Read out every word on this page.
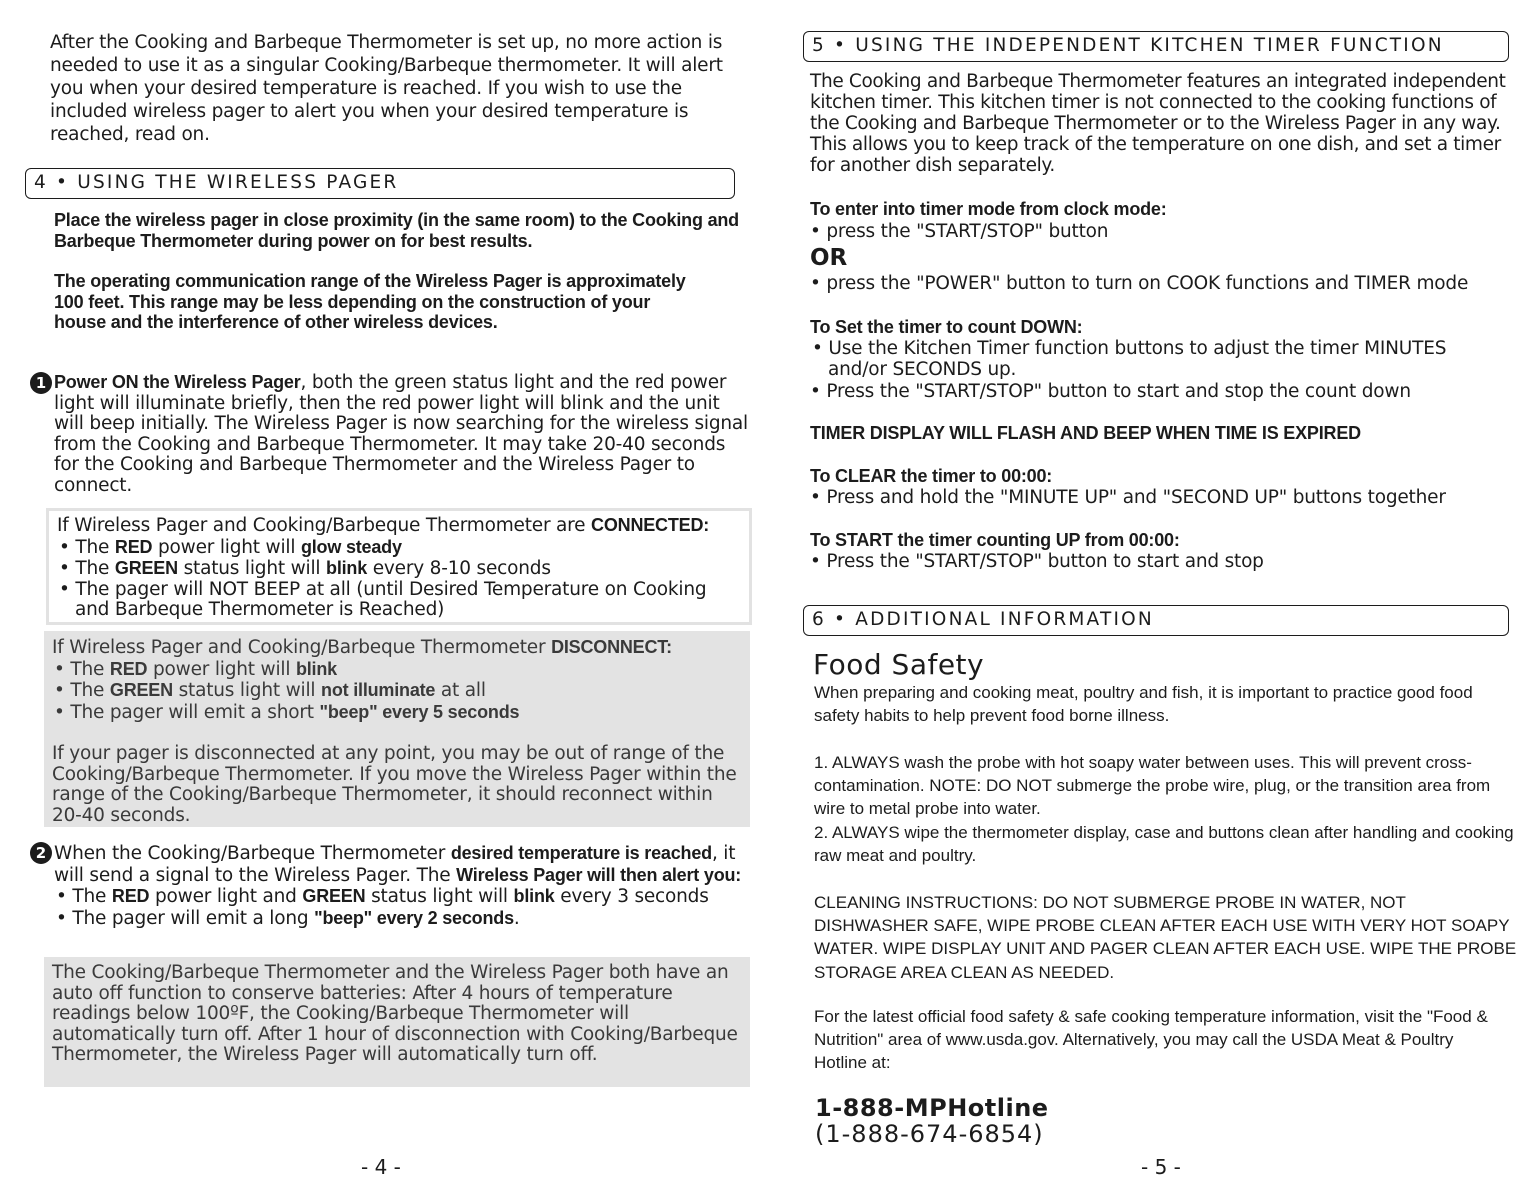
After the Cooking and Barbeque Thermometer is set up, no more action is needed to use it as a singular Cooking/Barbeque thermometer. It will alert you when your desired temperature is reached. If you wish to use the included wireless pager to alert you when your desired temperature is reached, read on.
4 • USING THE WIRELESS PAGER
Place the wireless pager in close proximity (in the same room) to the Cooking and Barbeque Thermometer during power on for best results.
The operating communication range of the Wireless Pager is approximately 100 feet. This range may be less depending on the construction of your house and the interference of other wireless devices.
1 Power ON the Wireless Pager, both the green status light and the red power light will illuminate briefly, then the red power light will blink and the unit will beep initially. The Wireless Pager is now searching for the wireless signal from the Cooking and Barbeque Thermometer. It may take 20-40 seconds for the Cooking and Barbeque Thermometer and the Wireless Pager to connect.
If Wireless Pager and Cooking/Barbeque Thermometer are CONNECTED:
• The RED power light will glow steady
• The GREEN status light will blink every 8-10 seconds
• The pager will NOT BEEP at all (until Desired Temperature on Cooking and Barbeque Thermometer is Reached)
If Wireless Pager and Cooking/Barbeque Thermometer DISCONNECT:
• The RED power light will blink
• The GREEN status light will not illuminate at all
• The pager will emit a short "beep" every 5 seconds
If your pager is disconnected at any point, you may be out of range of the Cooking/Barbeque Thermometer. If you move the Wireless Pager within the range of the Cooking/Barbeque Thermometer, it should reconnect within 20-40 seconds.
2 When the Cooking/Barbeque Thermometer desired temperature is reached, it will send a signal to the Wireless Pager. The Wireless Pager will then alert you:
• The RED power light and GREEN status light will blink every 3 seconds
• The pager will emit a long "beep" every 2 seconds.
The Cooking/Barbeque Thermometer and the Wireless Pager both have an auto off function to conserve batteries: After 4 hours of temperature readings below 100ºF, the Cooking/Barbeque Thermometer will automatically turn off. After 1 hour of disconnection with Cooking/Barbeque Thermometer, the Wireless Pager will automatically turn off.
- 4 -
5 • USING THE INDEPENDENT KITCHEN TIMER FUNCTION
The Cooking and Barbeque Thermometer features an integrated independent kitchen timer. This kitchen timer is not connected to the cooking functions of the Cooking and Barbeque Thermometer or to the Wireless Pager in any way. This allows you to keep track of the temperature on one dish, and set a timer for another dish separately.
To enter into timer mode from clock mode:
• press the "START/STOP" button
OR
• press the "POWER" button to turn on COOK functions and TIMER mode
To Set the timer to count DOWN:
• Use the Kitchen Timer function buttons to adjust the timer MINUTES and/or SECONDS up.
• Press the "START/STOP" button to start and stop the count down
TIMER DISPLAY WILL FLASH AND BEEP WHEN TIME IS EXPIRED
To CLEAR the timer to 00:00:
• Press and hold the "MINUTE UP" and "SECOND UP" buttons together
To START the timer counting UP from 00:00:
• Press the "START/STOP" button to start and stop
6 • ADDITIONAL INFORMATION
Food Safety
When preparing and cooking meat, poultry and fish, it is important to practice good food safety habits to help prevent food borne illness.
1. ALWAYS wash the probe with hot soapy water between uses. This will prevent cross-contamination. NOTE: DO NOT submerge the probe wire, plug, or the transition area from wire to metal probe into water.
2. ALWAYS wipe the thermometer display, case and buttons clean after handling and cooking raw meat and poultry.
CLEANING INSTRUCTIONS: DO NOT SUBMERGE PROBE IN WATER, NOT DISHWASHER SAFE, WIPE PROBE CLEAN AFTER EACH USE WITH VERY HOT SOAPY WATER. WIPE DISPLAY UNIT AND PAGER CLEAN AFTER EACH USE. WIPE THE PROBE STORAGE AREA CLEAN AS NEEDED.
For the latest official food safety & safe cooking temperature information, visit the "Food & Nutrition" area of www.usda.gov. Alternatively, you may call the USDA Meat & Poultry Hotline at:
1-888-MPHotline
(1-888-674-6854)
- 5 -
